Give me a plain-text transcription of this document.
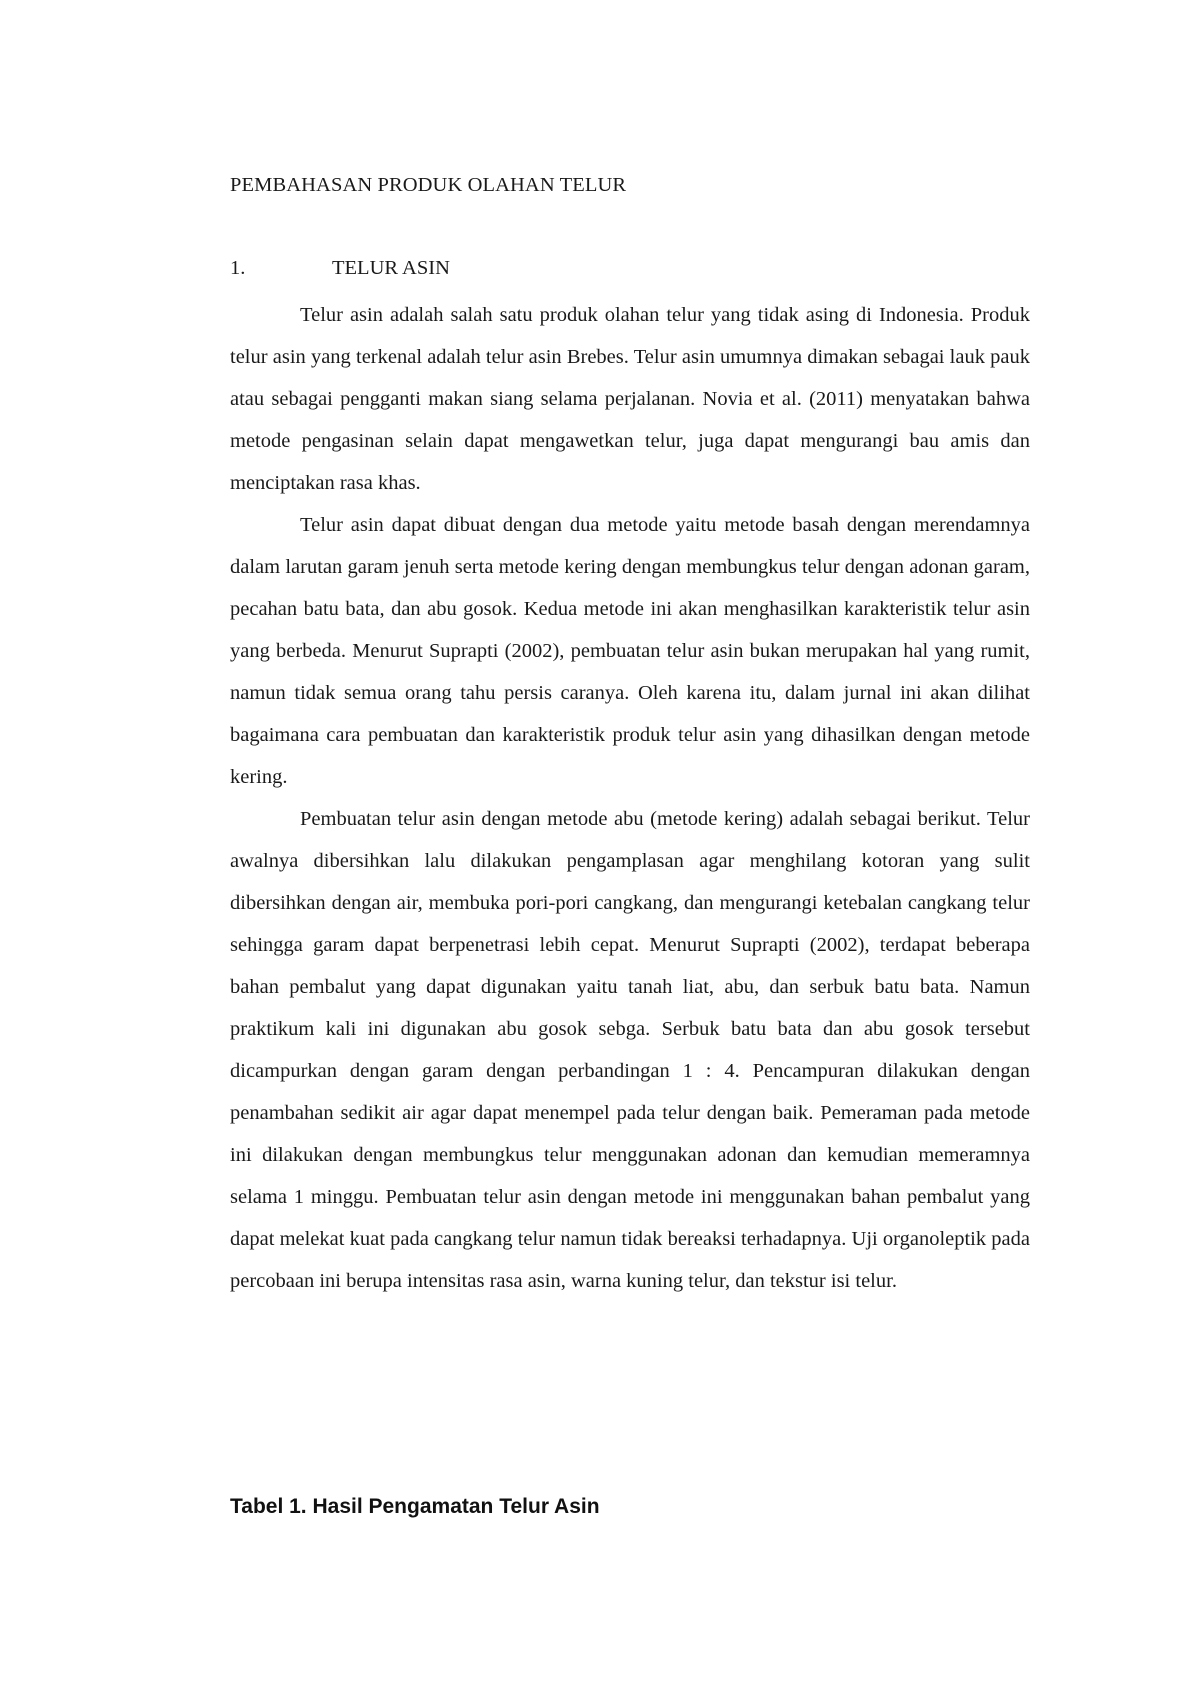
PEMBAHASAN PRODUK OLAHAN TELUR
1.	TELUR ASIN

Telur asin adalah salah satu produk olahan telur yang tidak asing di Indonesia. Produk telur asin yang terkenal adalah telur asin Brebes. Telur asin umumnya dimakan sebagai lauk pauk atau sebagai pengganti makan siang selama perjalanan. Novia et al. (2011) menyatakan bahwa metode pengasinan selain dapat mengawetkan telur, juga dapat mengurangi bau amis dan menciptakan rasa khas.

Telur asin dapat dibuat dengan dua metode yaitu metode basah dengan merendamnya dalam larutan garam jenuh serta metode kering dengan membungkus telur dengan adonan garam, pecahan batu bata, dan abu gosok. Kedua metode ini akan menghasilkan karakteristik telur asin yang berbeda. Menurut Suprapti (2002), pembuatan telur asin bukan merupakan hal yang rumit, namun tidak semua orang tahu persis caranya. Oleh karena itu, dalam jurnal ini akan dilihat bagaimana cara pembuatan dan karakteristik produk telur asin yang dihasilkan dengan metode kering.

Pembuatan telur asin dengan metode abu (metode kering) adalah sebagai berikut. Telur awalnya dibersihkan lalu dilakukan pengamplasan agar menghilang kotoran yang sulit dibersihkan dengan air, membuka pori-pori cangkang, dan mengurangi ketebalan cangkang telur sehingga garam dapat berpenetrasi lebih cepat. Menurut Suprapti (2002), terdapat beberapa bahan pembalut yang dapat digunakan yaitu tanah liat, abu, dan serbuk batu bata. Namun praktikum kali ini digunakan abu gosok sebga. Serbuk batu bata dan abu gosok tersebut dicampurkan dengan garam dengan perbandingan 1 : 4. Pencampuran dilakukan dengan penambahan sedikit air agar dapat menempel pada telur dengan baik. Pemeraman pada metode ini dilakukan dengan membungkus telur menggunakan adonan dan kemudian memeramnya selama 1 minggu. Pembuatan telur asin dengan metode ini menggunakan bahan pembalut yang dapat melekat kuat pada cangkang telur namun tidak bereaksi terhadapnya. Uji organoleptik pada percobaan ini berupa intensitas rasa asin, warna kuning telur, dan tekstur isi telur.

Tabel 1. Hasil Pengamatan Telur Asin
